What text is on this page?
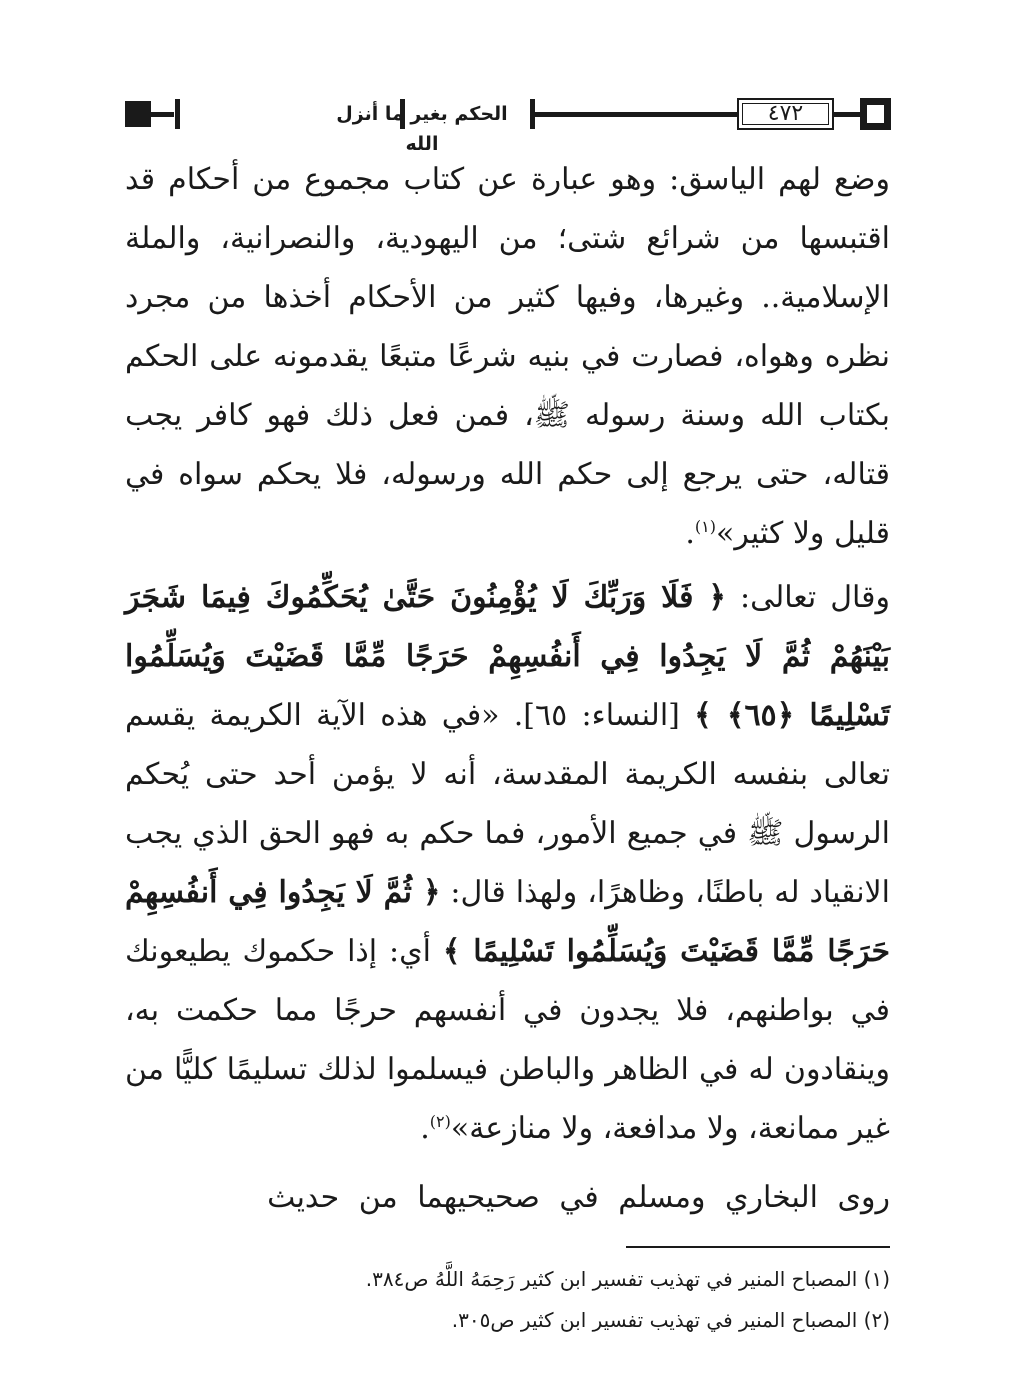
الحكم بغير ما أنزل الله
٤٧٢

وضع لهم الياسق: وهو عبارة عن كتاب مجموع من أحكام قد اقتبسها من شرائع شتى؛ من اليهودية، والنصرانية، والملة الإسلامية.. وغيرها، وفيها كثير من الأحكام أخذها من مجرد نظره وهواه، فصارت في بنيه شرعًا متبعًا يقدمونه على الحكم بكتاب الله وسنة رسوله ﷺ، فمن فعل ذلك فهو كافر يجب قتاله، حتى يرجع إلى حكم الله ورسوله، فلا يحكم سواه في قليل ولا كثير»$^{(١)}$.

وقال تعالى: ﴿ فَلَا وَرَبِّكَ لَا يُؤْمِنُونَ حَتَّىٰ يُحَكِّمُوكَ فِيمَا شَجَرَ بَيْنَهُمْ ثُمَّ لَا يَجِدُوا فِي أَنفُسِهِمْ حَرَجًا مِّمَّا قَضَيْتَ وَيُسَلِّمُوا تَسْلِيمًا ﴿٦٥﴾ ﴾ [النساء: ٦٥]. «في هذه الآية الكريمة يقسم تعالى بنفسه الكريمة المقدسة، أنه لا يؤمن أحد حتى يُحكم الرسول ﷺ في جميع الأمور، فما حكم به فهو الحق الذي يجب الانقياد له باطنًا، وظاهرًا، ولهذا قال: ﴿ ثُمَّ لَا يَجِدُوا فِي أَنفُسِهِمْ حَرَجًا مِّمَّا قَضَيْتَ وَيُسَلِّمُوا تَسْلِيمًا ﴾ أي: إذا حكموك يطيعونك في بواطنهم، فلا يجدون في أنفسهم حرجًا مما حكمت به، وينقادون له في الظاهر والباطن فيسلموا لذلك تسليمًا كليًّا من غير ممانعة، ولا مدافعة، ولا منازعة»$^{(٢)}$.

روى البخاري ومسلم في صحيحيهما من حديث

(١) المصباح المنير في تهذيب تفسير ابن كثير رَحِمَهُ اللَّهُ ص٣٨٤.

(٢) المصباح المنير في تهذيب تفسير ابن كثير ص٣٠٥.
